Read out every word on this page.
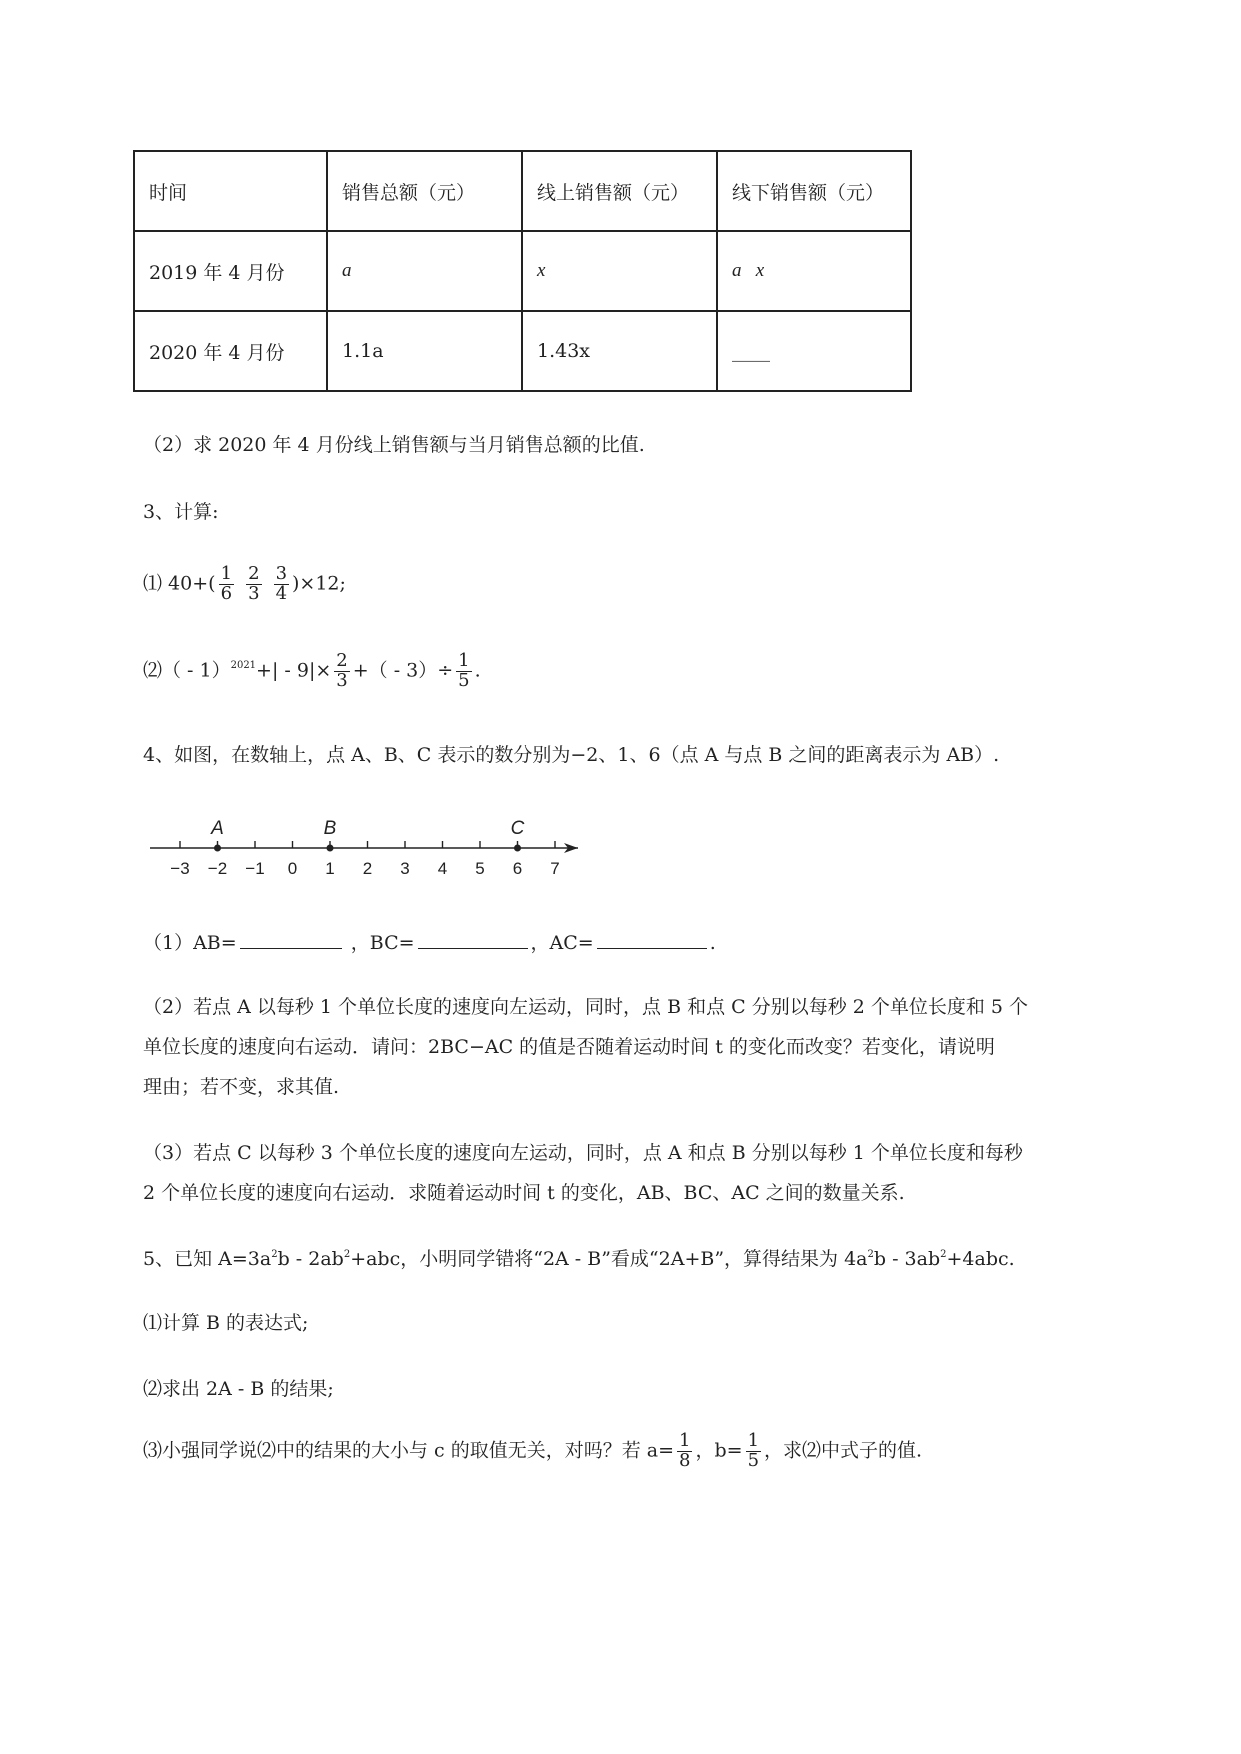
时间	销售总额（元）	线上销售额（元）	线下销售额（元）
2019 年 4 月份	a	x	a   x
2020 年 4 月份	1.1a	1.43x	____
（2）求 2020 年 4 月份线上销售额与当月销售总额的比值.
3、计算:
⑴ $40+( \frac{1}{6}$
$\frac{2}{3}$
$\frac{3}{4} )\times 12$;
⑵（ - $1)^{2021}+| - 9|\times \frac{2}{3}$ +（ - $3)\div \frac{1}{5}$ .
4、如图，在数轴上，点 A、B、C 表示的数分别为−2、1、6（点 A 与点 B 之间的距离表示为 AB）.
−3 −2 −1 0 1 2 3 4 5 6 7
A	B	C
（1）AB=	，BC=	，AC=	.
（2）若点 A 以每秒 1 个单位长度的速度向左运动，同时，点 B 和点 C 分别以每秒 2 个单位长度和 5 个
单位长度的速度向右运动．请问：2BC−AC 的值是否随着运动时间 t 的变化而改变？若变化，请说明
理由；若不变，求其值.
（3）若点 C 以每秒 3 个单位长度的速度向左运动，同时，点 A 和点 B 分别以每秒 1 个单位长度和每秒
2 个单位长度的速度向右运动．求随着运动时间 t 的变化，AB、BC、AC 之间的数量关系.
5、已知 $A=3a^2b - 2ab^2+abc$，小明同学错将“2A - B”看成“2A+B”，算得结果为 $4a^2b - 3ab^2+4abc$.
⑴计算 B 的表达式;
⑵求出 2A - B 的结果;
⑶小强同学说⑵中的结果的大小与 c 的取值无关，对吗？若 $a= \frac{1}{8}$ ，$b= \frac{1}{5}$ ，求⑵中式子的值.
